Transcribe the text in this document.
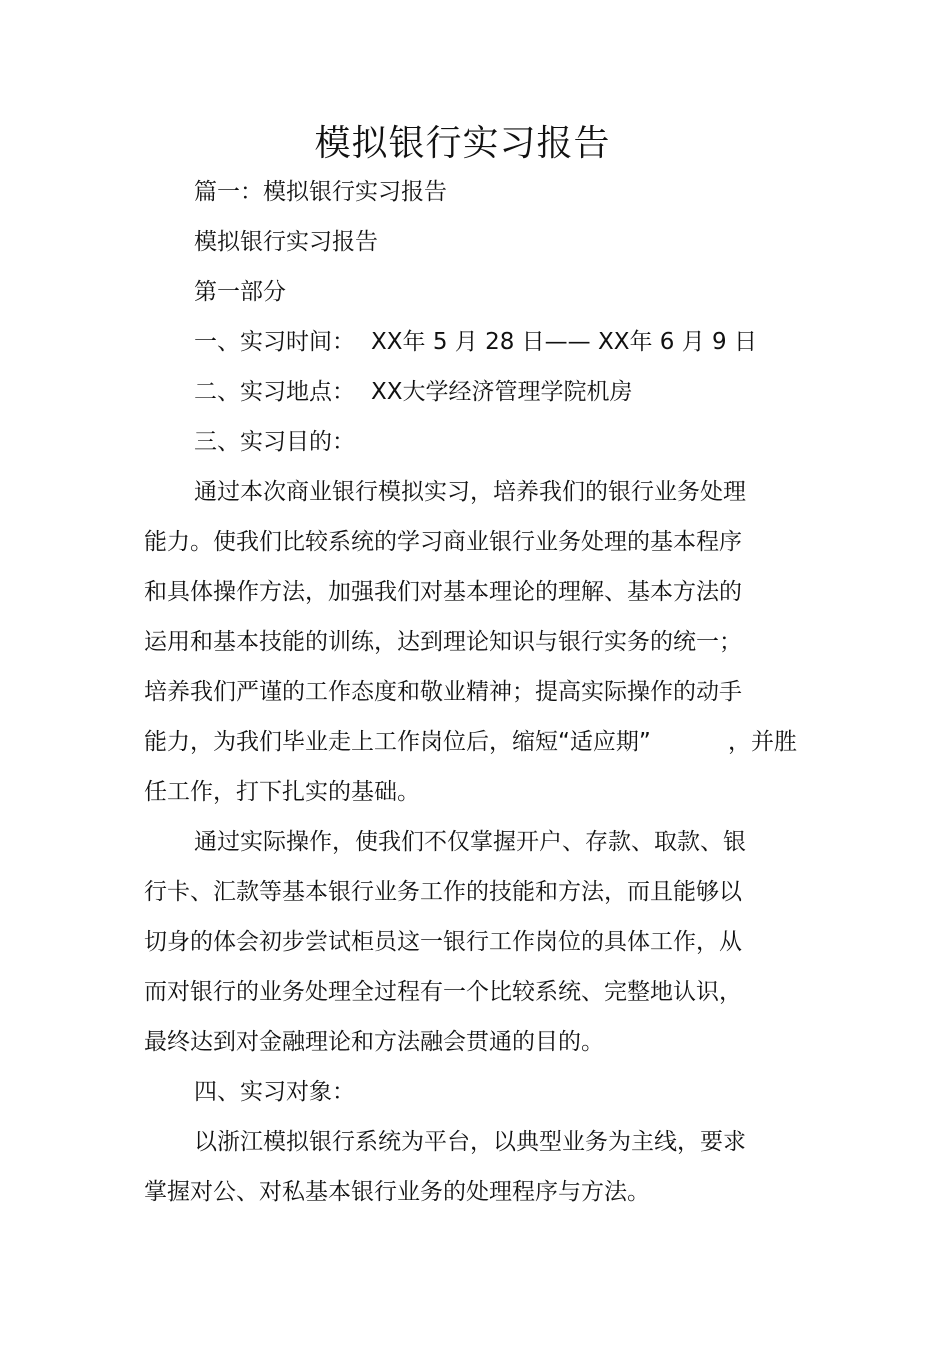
模拟银行实习报告
篇一：模拟银行实习报告
模拟银行实习报告
第一部分
一、实习时间： XX年 5 月 28 日—— XX年 6 月 9 日
二、实习地点： XX大学经济管理学院机房
三、实习目的：
通过本次商业银行模拟实习，培养我们的银行业务处理
能力。使我们比较系统的学习商业银行业务处理的基本程序
和具体操作方法，加强我们对基本理论的理解、基本方法的
运用和基本技能的训练，达到理论知识与银行实务的统一；
培养我们严谨的工作态度和敬业精神；提高实际操作的动手
能力，为我们毕业走上工作岗位后，缩短“适应期”	，并胜
任工作，打下扎实的基础。
通过实际操作，使我们不仅掌握开户、存款、取款、银
行卡、汇款等基本银行业务工作的技能和方法，而且能够以
切身的体会初步尝试柜员这一银行工作岗位的具体工作，从
而对银行的业务处理全过程有一个比较系统、完整地认识，
最终达到对金融理论和方法融会贯通的目的。
四、实习对象：
以浙江模拟银行系统为平台，以典型业务为主线，要求
掌握对公、对私基本银行业务的处理程序与方法。
